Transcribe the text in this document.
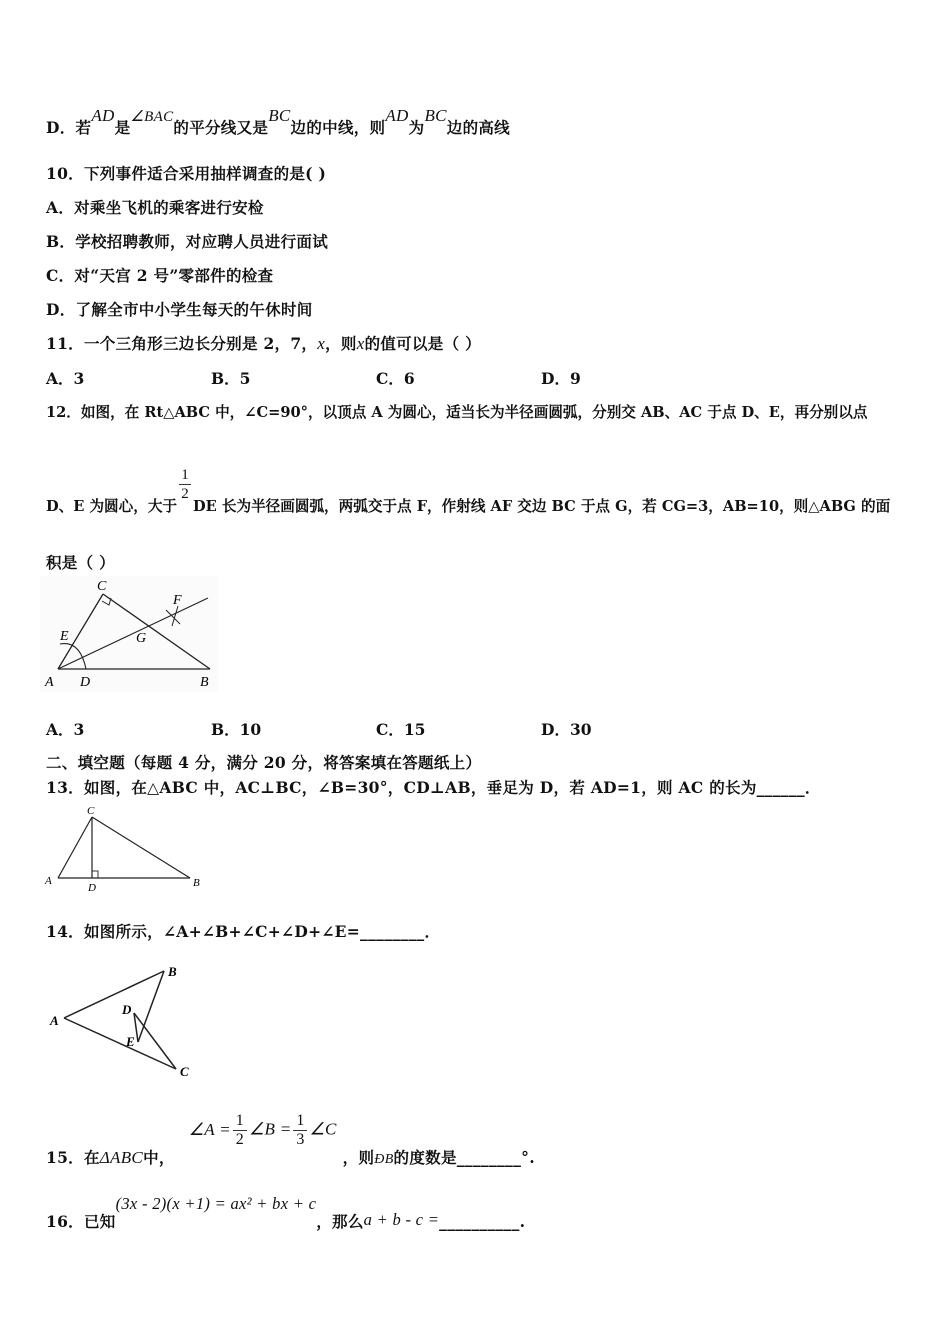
D．若AD是∠BAC的平分线又是BC边的中线，则AD为BC边的高线
10．下列事件适合采用抽样调查的是( )
A．对乘坐飞机的乘客进行安检
B．学校招聘教师，对应聘人员进行面试
C．对“天宫 2 号”零部件的检查
D．了解全市中小学生每天的午休时间
11．一个三角形三边长分别是 2，7，x，则x的值可以是（ ）
A．3	B．5	C．6	D．9
12．如图，在 Rt△ABC 中，∠C=90°，以顶点 A 为圆心，适当长为半径画圆弧，分别交 AB、AC 于点 D、E，再分别以点
D、E 为圆心，大于
$\frac{1}{2}$
DE 长为半径画圆弧，两弧交于点 F，作射线 AF 交边 BC 于点 G，若 CG=3，AB=10，则△ABG 的面
积是（ ）
C
E
F
G
A D	B
A．3	B．10	C．15	D．30
二、填空题（每题 4 分，满分 20 分，将答案填在答题纸上）
13．如图，在△ABC 中，AC⊥BC，∠B=30°，CD⊥AB，垂足为 D，若 AD=1，则 AC 的长为______．
C
A
D	B
14．如图所示，∠A+∠B+∠C+∠D+∠E=________．
B
A
D
E
C
15．在ΔABC中，∠A = $\frac{1}{2}$ ∠B = $\frac{1}{3}$ ∠C，则ÐB的度数是________°.
16．已知(3x - 2)(x +1) = ax² + bx + c，那么a + b - c =__________.
